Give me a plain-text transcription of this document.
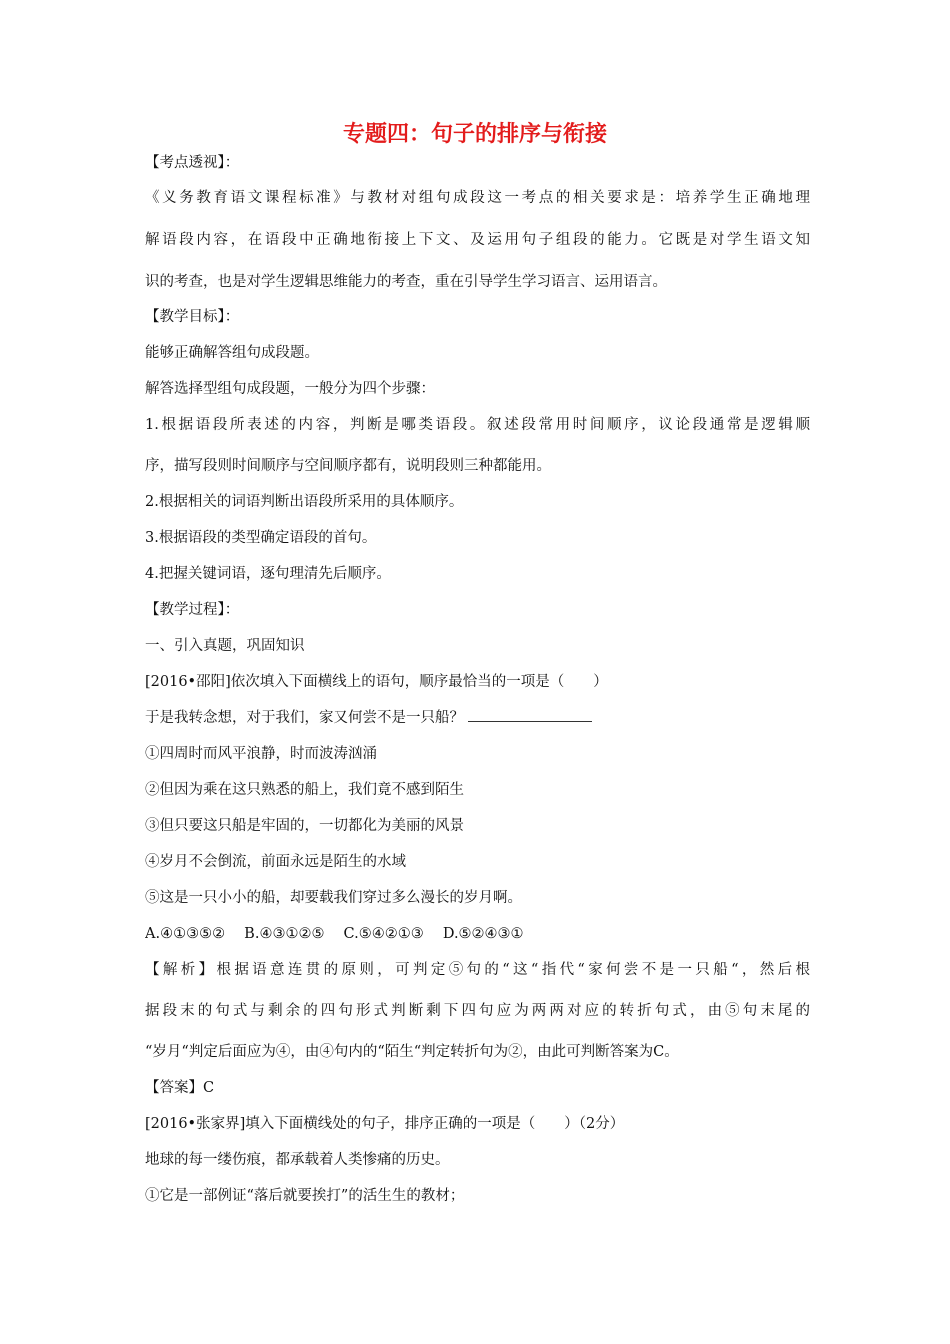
专题四：句子的排序与衔接
【考点透视】：
《义务教育语文课程标准》与教材对组句成段这一考点的相关要求是：培养学生正确地理
解语段内容，在语段中正确地衔接上下文、及运用句子组段的能力。它既是对学生语文知
识的考查，也是对学生逻辑思维能力的考查，重在引导学生学习语言、运用语言。
【教学目标】：
能够正确解答组句成段题。
解答选择型组句成段题，一般分为四个步骤：
1.根据语段所表述的内容，判断是哪类语段。叙述段常用时间顺序，议论段通常是逻辑顺
序，描写段则时间顺序与空间顺序都有，说明段则三种都能用。
2.根据相关的词语判断出语段所采用的具体顺序。
3.根据语段的类型确定语段的首句。
4.把握关键词语，逐句理清先后顺序。
【教学过程】：
一、引入真题，巩固知识
[2016•邵阳]依次填入下面横线上的语句，顺序最恰当的一项是（　　）
于是我转念想，对于我们，家又何尝不是一只船？
①四周时而风平浪静，时而波涛汹涌
②但因为乘在这只熟悉的船上，我们竟不感到陌生
③但只要这只船是牢固的，一切都化为美丽的风景
④岁月不会倒流，前面永远是陌生的水域
⑤这是一只小小的船，却要载我们穿过多么漫长的岁月啊。
A.④①③⑤②　 B.④③①②⑤　 C.⑤④②①③　 D.⑤②④③①
【解析】根据语意连贯的原则，可判定⑤句的“这“指代“家何尝不是一只船“，然后根
据段末的句式与剩余的四句形式判断剩下四句应为两两对应的转折句式，由⑤句末尾的
“岁月“判定后面应为④，由④句内的“陌生“判定转折句为②，由此可判断答案为C。
【答案】C
[2016•张家界]填入下面横线处的句子，排序正确的一项是（　　）（2分）
地球的每一缕伤痕，都承载着人类惨痛的历史。
①它是一部例证“落后就要挨打”的活生生的教材；
